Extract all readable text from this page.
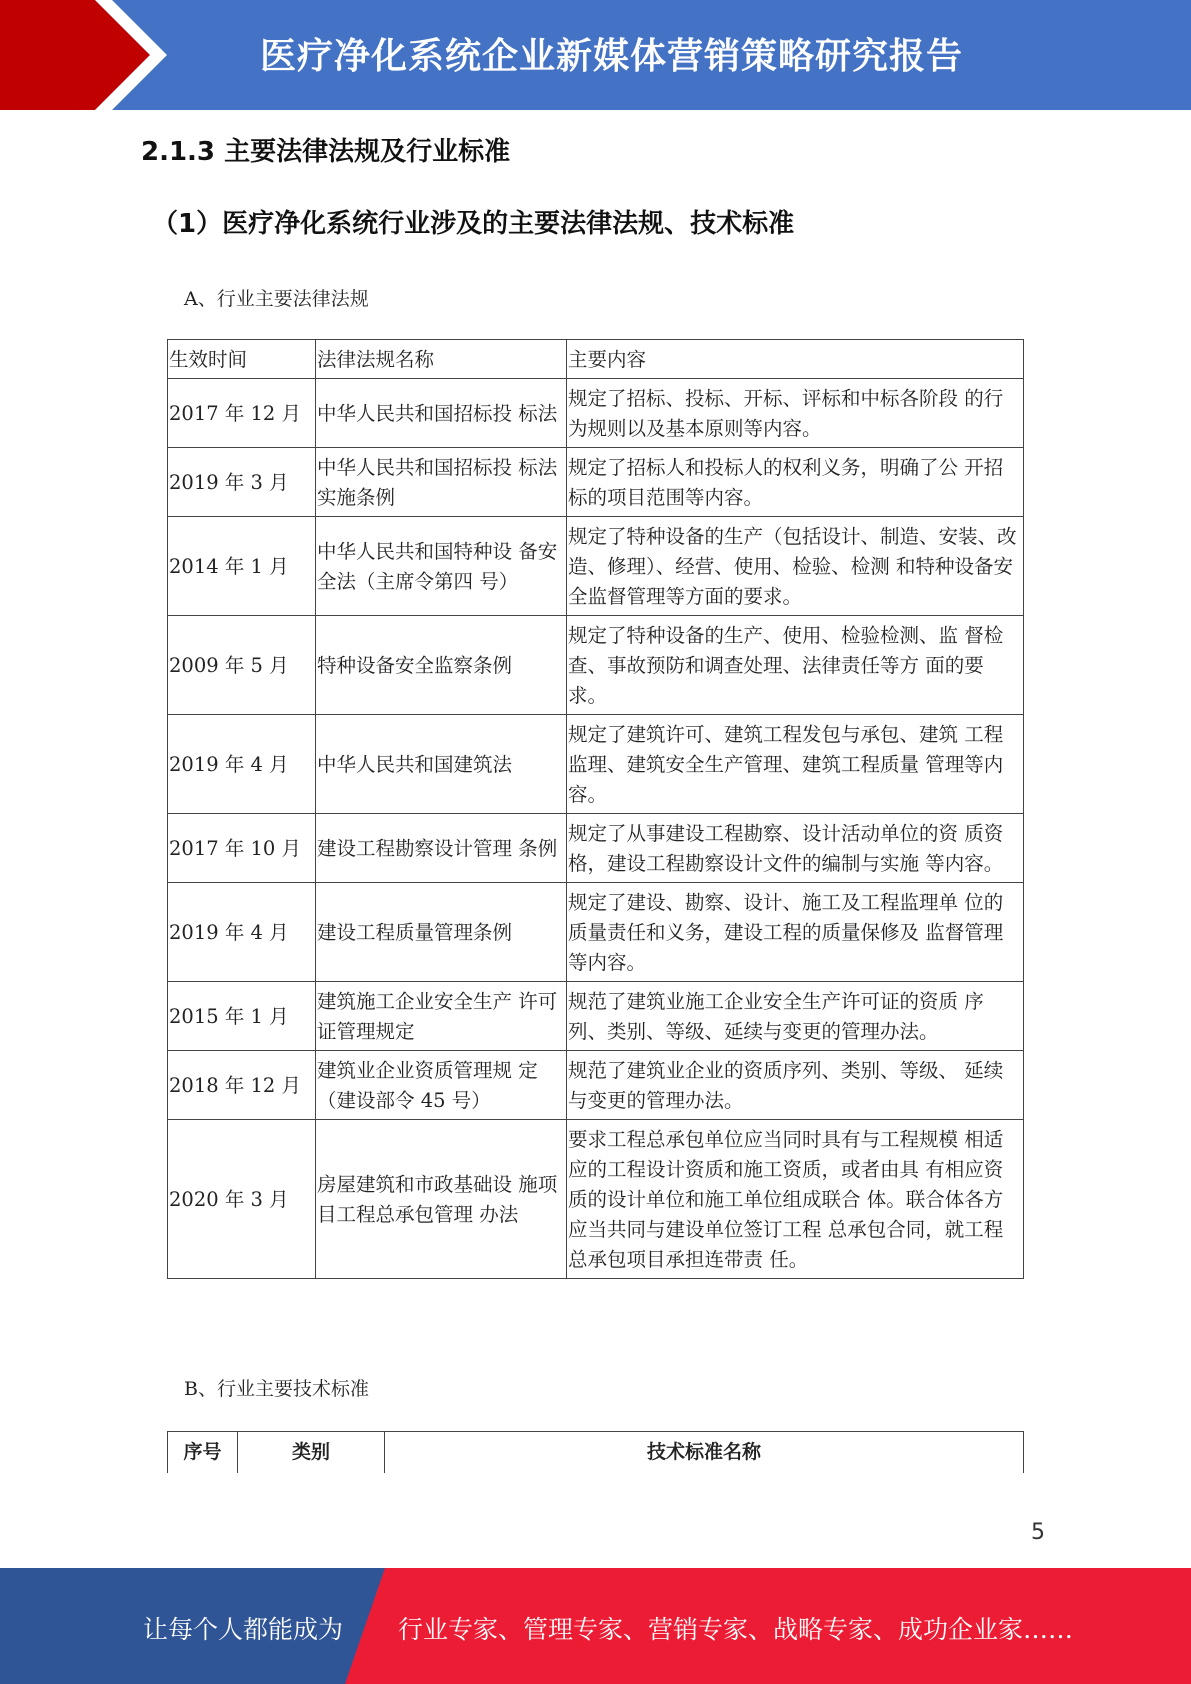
医疗净化系统企业新媒体营销策略研究报告
2.1.3 主要法律法规及行业标准
（1）医疗净化系统行业涉及的主要法律法规、技术标准
A、行业主要法律法规
生效时间	法律法规名称	主要内容
2017 年 12 月	中华人民共和国招标投 标法	规定了招标、投标、开标、评标和中标各阶段 的行为规则以及基本原则等内容。
2019 年 3 月	中华人民共和国招标投 标法实施条例	规定了招标人和投标人的权利义务，明确了公 开招标的项目范围等内容。
2014 年 1 月	中华人民共和国特种设 备安全法（主席令第四 号）	规定了特种设备的生产（包括设计、制造、安装、改造、修理）、经营、使用、检验、检测 和特种设备安全监督管理等方面的要求。
2009 年 5 月	特种设备安全监察条例	规定了特种设备的生产、使用、检验检测、监 督检查、事故预防和调查处理、法律责任等方 面的要求。
2019 年 4 月	中华人民共和国建筑法	规定了建筑许可、建筑工程发包与承包、建筑 工程监理、建筑安全生产管理、建筑工程质量 管理等内容。
2017 年 10 月	建设工程勘察设计管理 条例	规定了从事建设工程勘察、设计活动单位的资 质资格，建设工程勘察设计文件的编制与实施 等内容。
2019 年 4 月	建设工程质量管理条例	规定了建设、勘察、设计、施工及工程监理单 位的质量责任和义务，建设工程的质量保修及 监督管理等内容。
2015 年 1 月	建筑施工企业安全生产 许可证管理规定	规范了建筑业施工企业安全生产许可证的资质 序列、类别、等级、延续与变更的管理办法。
2018 年 12 月	建筑业企业资质管理规 定（建设部令 45 号）	规范了建筑业企业的资质序列、类别、等级、 延续与变更的管理办法。
2020 年 3 月	房屋建筑和市政基础设 施项目工程总承包管理 办法	要求工程总承包单位应当同时具有与工程规模 相适应的工程设计资质和施工资质，或者由具 有相应资质的设计单位和施工单位组成联合 体。联合体各方应当共同与建设单位签订工程 总承包合同，就工程总承包项目承担连带责 任。
B、行业主要技术标准
序号	类别	技术标准名称
5
让每个人都能成为 行业专家、管理专家、营销专家、战略专家、成功企业家……
